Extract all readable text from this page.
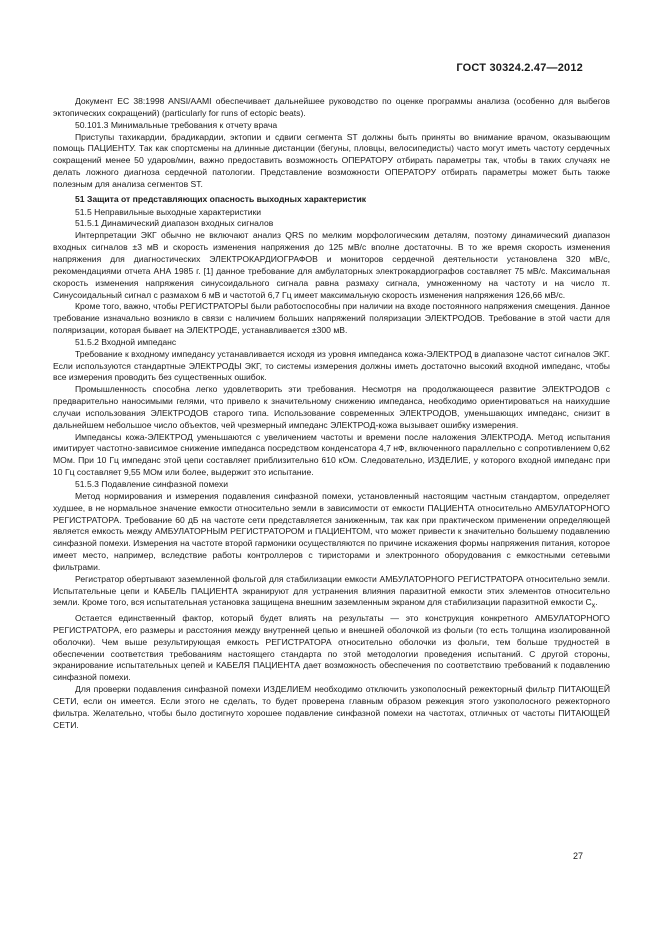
ГОСТ 30324.2.47—2012

Документ EC 38:1998 ANSI/AAMI обеспечивает дальнейшее руководство по оценке программы анализа (особенно для выбегов эктопических сокращений) (particularly for runs of ectopic beats).

50.101.3 Минимальные требования к отчету врача

Приступы тахикардии, брадикардии, эктопии и сдвиги сегмента ST должны быть приняты во внимание врачом, оказывающим помощь ПАЦИЕНТУ. Так как спортсмены на длинные дистанции (бегуны, пловцы, велосипедисты) часто могут иметь частоту сердечных сокращений менее 50 ударов/мин, важно предоставить возможность ОПЕРАТОРУ отбирать параметры так, чтобы в таких случаях не делать ложного диагноза сердечной патологии. Представление возможности ОПЕРАТОРУ отбирать параметры может быть также полезным для анализа сегментов ST.

51 Защита от представляющих опасность выходных характеристик

51.5 Неправильные выходные характеристики

51.5.1 Динамический диапазон входных сигналов

Интерпретации ЭКГ обычно не включают анализ QRS по мелким морфологическим деталям, поэтому динамический диапазон входных сигналов ±3 мВ и скорость изменения напряжения до 125 мВ/с вполне достаточны. В то же время скорость изменения напряжения для диагностических ЭЛЕКТРОКАРДИОГРАФОВ и мониторов сердечной деятельности установлена 320 мВ/с, рекомендациями отчета АНА 1985 г. [1] данное требование для амбулаторных электрокардиографов составляет 75 мВ/с. Максимальная скорость изменения напряжения синусоидального сигнала равна размаху сигнала, умноженному на частоту и на число π. Синусоидальный сигнал с размахом 6 мВ и частотой 6,7 Гц имеет максимальную скорость изменения напряжения 126,66 мВ/с.

Кроме того, важно, чтобы РЕГИСТРАТОРЫ были работоспособны при наличии на входе постоянного напряжения смещения. Данное требование изначально возникло в связи с наличием больших напряжений поляризации ЭЛЕКТРОДОВ. Требование в этой части для поляризации, которая бывает на ЭЛЕКТРОДЕ, устанавливается ±300 мВ.

51.5.2 Входной импеданс

Требование к входному импедансу устанавливается исходя из уровня импеданса кожа-ЭЛЕКТРОД в диапазоне частот сигналов ЭКГ. Если используются стандартные ЭЛЕКТРОДЫ ЭКГ, то системы измерения должны иметь достаточно высокий входной импеданс, чтобы все измерения проводить без существенных ошибок.

Промышленность способна легко удовлетворить эти требования. Несмотря на продолжающееся развитие ЭЛЕКТРОДОВ с предварительно наносимыми гелями, что привело к значительному снижению импеданса, необходимо ориентироваться на наихудшие случаи использования ЭЛЕКТРОДОВ старого типа. Использование современных ЭЛЕКТРОДОВ, уменьшающих импеданс, снизит в дальнейшем небольшое число объектов, чей чрезмерный импеданс ЭЛЕКТРОД-кожа вызывает ошибку измерения.

Импедансы кожа-ЭЛЕКТРОД уменьшаются с увеличением частоты и времени после наложения ЭЛЕКТРОДА. Метод испытания имитирует частотно-зависимое снижение импеданса посредством конденсатора 4,7 нФ, включенного параллельно с сопротивлением 0,62 МОм. При 10 Гц импеданс этой цепи составляет приблизительно 610 кОм. Следовательно, ИЗДЕЛИЕ, у которого входной импеданс при 10 Гц составляет 9,55 МОм или более, выдержит это испытание.

51.5.3 Подавление синфазной помехи

Метод нормирования и измерения подавления синфазной помехи, установленный настоящим частным стандартом, определяет худшее, в не нормальное значение емкости относительно земли в зависимости от емкости ПАЦИЕНТА относительно АМБУЛАТОРНОГО РЕГИСТРАТОРА. Требование 60 дБ на частоте сети представляется заниженным, так как при практическом применении определяющей является емкость между АМБУЛАТОРНЫМ РЕГИСТРАТОРОМ и ПАЦИЕНТОМ, что может привести к значительно большему подавлению синфазной помехи. Измерения на частоте второй гармоники осуществляются по причине искажения формы напряжения питания, которое имеет место, например, вследствие работы контроллеров с тиристорами и электронного оборудования с емкостными сетевыми фильтрами.

Регистратор обертывают заземленной фольгой для стабилизации емкости АМБУЛАТОРНОГО РЕГИСТРАТОРА относительно земли. Испытательные цепи и КАБЕЛЬ ПАЦИЕНТА экранируют для устранения влияния паразитной емкости этих элементов относительно земли. Кроме того, вся испытательная установка защищена внешним заземленным экраном для стабилизации паразитной емкости $C_x$.

Остается единственный фактор, который будет влиять на результаты — это конструкция конкретного АМБУЛАТОРНОГО РЕГИСТРАТОРА, его размеры и расстояния между внутренней цепью и внешней оболочкой из фольги (то есть толщина изолированной оболочки). Чем выше результирующая емкость РЕГИСТРАТОРА относительно оболочки из фольги, тем больше трудностей в обеспечении соответствия требованиям настоящего стандарта по этой методологии проведения испытаний. С другой стороны, экранирование испытательных цепей и КАБЕЛЯ ПАЦИЕНТА дает возможность обеспечения по соответствию требований к подавлению синфазной помехи.

Для проверки подавления синфазной помехи ИЗДЕЛИЕМ необходимо отключить узкополосный режекторный фильтр ПИТАЮЩЕЙ СЕТИ, если он имеется. Если этого не сделать, то будет проверена главным образом режекция этого узкополосного режекторного фильтра. Желательно, чтобы было достигнуто хорошее подавление синфазной помехи на частотах, отличных от частоты ПИТАЮЩЕЙ СЕТИ.

27
